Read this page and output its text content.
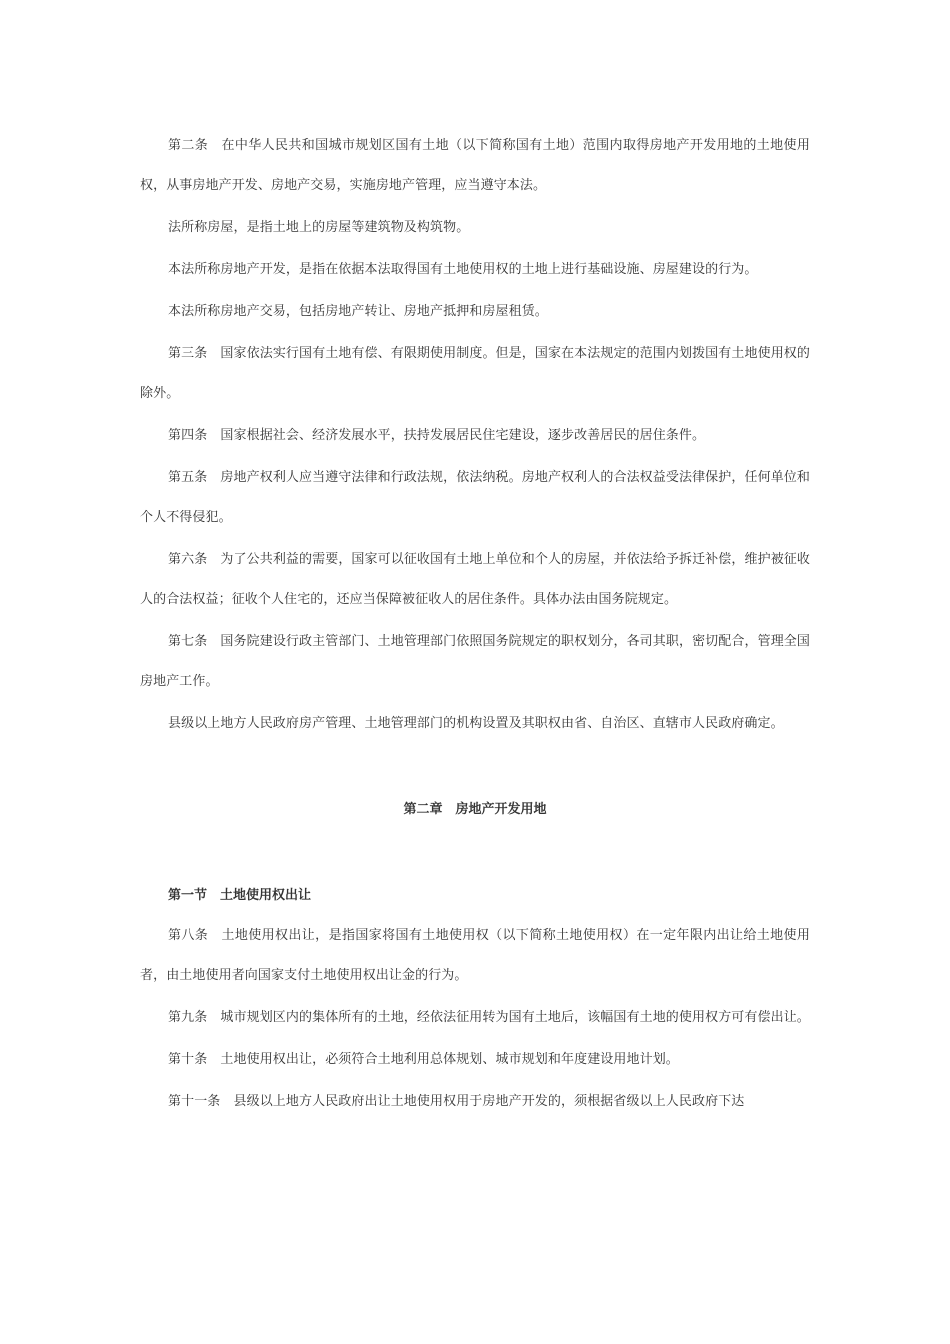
第二条　在中华人民共和国城市规划区国有土地（以下简称国有土地）范围内取得房地产开发用地的土地使用权，从事房地产开发、房地产交易，实施房地产管理，应当遵守本法。

法所称房屋，是指土地上的房屋等建筑物及构筑物。

本法所称房地产开发，是指在依据本法取得国有土地使用权的土地上进行基础设施、房屋建设的行为。

本法所称房地产交易，包括房地产转让、房地产抵押和房屋租赁。

第三条　国家依法实行国有土地有偿、有限期使用制度。但是，国家在本法规定的范围内划拨国有土地使用权的除外。

第四条　国家根据社会、经济发展水平，扶持发展居民住宅建设，逐步改善居民的居住条件。

第五条　房地产权利人应当遵守法律和行政法规，依法纳税。房地产权利人的合法权益受法律保护，任何单位和个人不得侵犯。

第六条　为了公共利益的需要，国家可以征收国有土地上单位和个人的房屋，并依法给予拆迁补偿，维护被征收人的合法权益；征收个人住宅的，还应当保障被征收人的居住条件。具体办法由国务院规定。

第七条　国务院建设行政主管部门、土地管理部门依照国务院规定的职权划分，各司其职，密切配合，管理全国房地产工作。

县级以上地方人民政府房产管理、土地管理部门的机构设置及其职权由省、自治区、直辖市人民政府确定。

第二章　房地产开发用地

第一节　土地使用权出让

第八条　土地使用权出让，是指国家将国有土地使用权（以下简称土地使用权）在一定年限内出让给土地使用者，由土地使用者向国家支付土地使用权出让金的行为。

第九条　城市规划区内的集体所有的土地，经依法征用转为国有土地后，该幅国有土地的使用权方可有偿出让。

第十条　土地使用权出让，必须符合土地利用总体规划、城市规划和年度建设用地计划。

第十一条　县级以上地方人民政府出让土地使用权用于房地产开发的，须根据省级以上人民政府下达
